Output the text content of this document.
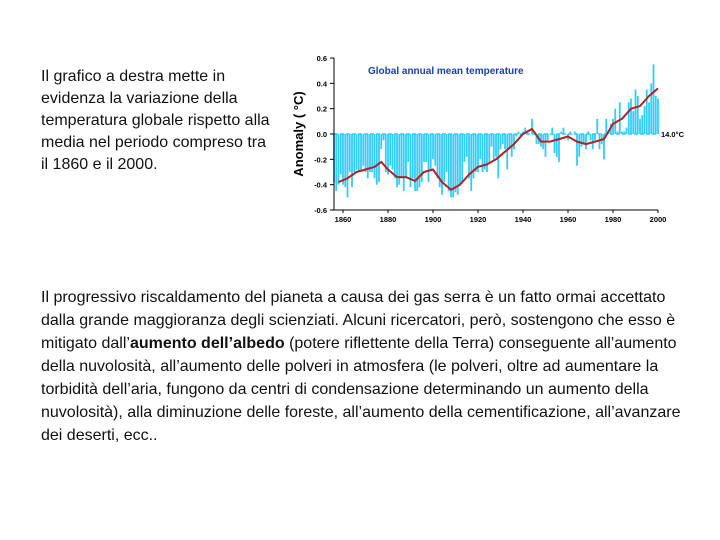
Il grafico a destra mette in evidenza la variazione della temperatura globale rispetto alla media nel periodo compreso tra il 1860 e il 2000.

Global annual mean temperature
Anomaly ( °C)
0.6
0.4
0.2
0.0
-0.2
-0.4
-0.6
1860	1880	1900	1920	1940	1960	1980	2000
14.0°C

Il progressivo riscaldamento del pianeta a causa dei gas serra è un fatto ormai accettato dalla grande maggioranza degli scienziati. Alcuni ricercatori, però, sostengono che esso è mitigato dall’aumento dell’albedo (potere riflettente della Terra) conseguente all’aumento della nuvolosità, all’aumento delle polveri in atmosfera (le polveri, oltre ad aumentare la torbidità dell’aria, fungono da centri di condensazione determinando un aumento della nuvolosità), alla diminuzione delle foreste, all’aumento della cementificazione, all’avanzare dei deserti, ecc..
